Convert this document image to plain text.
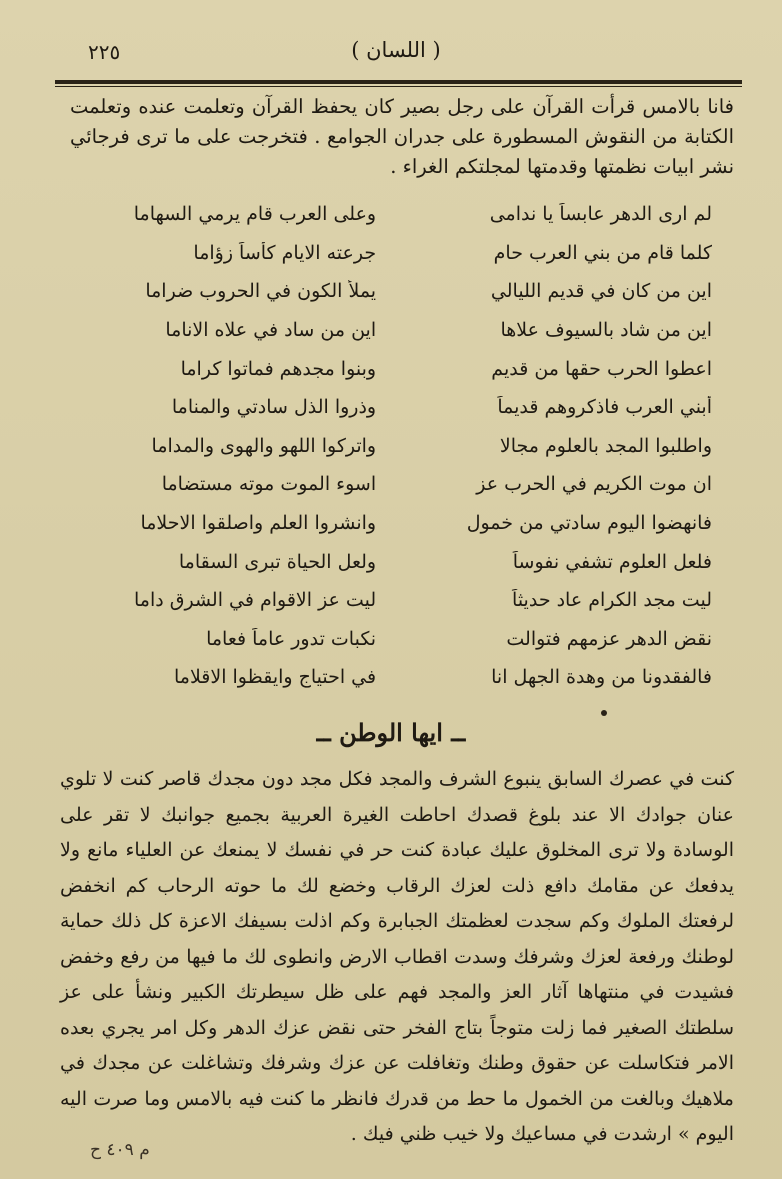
٢٢٥	( اللسان )

فانا بالامس قرأت القرآن على رجل بصير كان يحفظ القرآن وتعلمت عنده وتعلمت الكتابة من النقوش المسطورة على جدران الجوامع . فتخرجت على ما ترى فرجائي نشر ابيات نظمتها وقدمتها لمجلتكم الغراء .

لم ارى الدهر عابساً يا ندامى
وعلى العرب قام يرمي السهاما
كلما قام من بني العرب حام
جرعته الايام كأساً زؤاما
اين من كان في قديم الليالي
يملأ الكون في الحروب ضراما
اين من شاد بالسيوف علاها
اين من ساد في علاه الاناما
اعطوا الحرب حقها من قديم
وبنوا مجدهم فماتوا كراما
أبني العرب فاذكروهم قديماً
وذروا الذل سادتي والمناما
واطلبوا المجد بالعلوم مجالا
واتركوا اللهو والهوى والمداما
ان موت الكريم في الحرب عز
اسوء الموت موته مستضاما
فانهضوا اليوم سادتي من خمول
وانشروا العلم واصلقوا الاحلاما
فلعل العلوم تشفي نفوساً
ولعل الحياة تبرى السقاما
ليت مجد الكرام عاد حديثاً
ليت عز الاقوام في الشرق داما
نقض الدهر عزمهم فتوالت
نكبات تدور عاماً فعاما
فالفقدونا من وهدة الجهل انا
في احتياج وايقظوا الاقلاما
ــ ايها الوطن ــ

كنت في عصرك السابق ينبوع الشرف والمجد فكل مجد دون مجدك قاصر كنت لا تلوي عنان جوادك الا عند بلوغ قصدك احاطت الغيرة العربية بجميع جوانبك لا تقر على الوسادة ولا ترى المخلوق عليك عبادة كنت حر في نفسك لا يمنعك عن العلياء مانع ولا يدفعك عن مقامك دافع ذلت لعزك الرقاب وخضع لك ما حوته الرحاب كم انخفض لرفعتك الملوك وكم سجدت لعظمتك الجبابرة وكم اذلت بسيفك الاعزة كل ذلك حماية لوطنك ورفعة لعزك وشرفك وسدت اقطاب الارض وانطوى لك ما فيها من رفع وخفض فشيدت في منتهاها آثار العز والمجد فهم على ظل سيطرتك الكبير ونشأ على عز سلطتك الصغير فما زلت متوجاً بتاج الفخر حتى نقض عزك الدهر وكل امر يجري بعده الامر فتكاسلت عن حقوق وطنك وتغافلت عن عزك وشرفك وتشاغلت عن مجدك في ملاهيك وبالغت من الخمول ما حط من قدرك فانظر ما كنت فيه بالامس وما صرت اليه اليوم » ارشدت في مساعيك ولا خيب ظني فيك .

م ٤٠٩ ح
